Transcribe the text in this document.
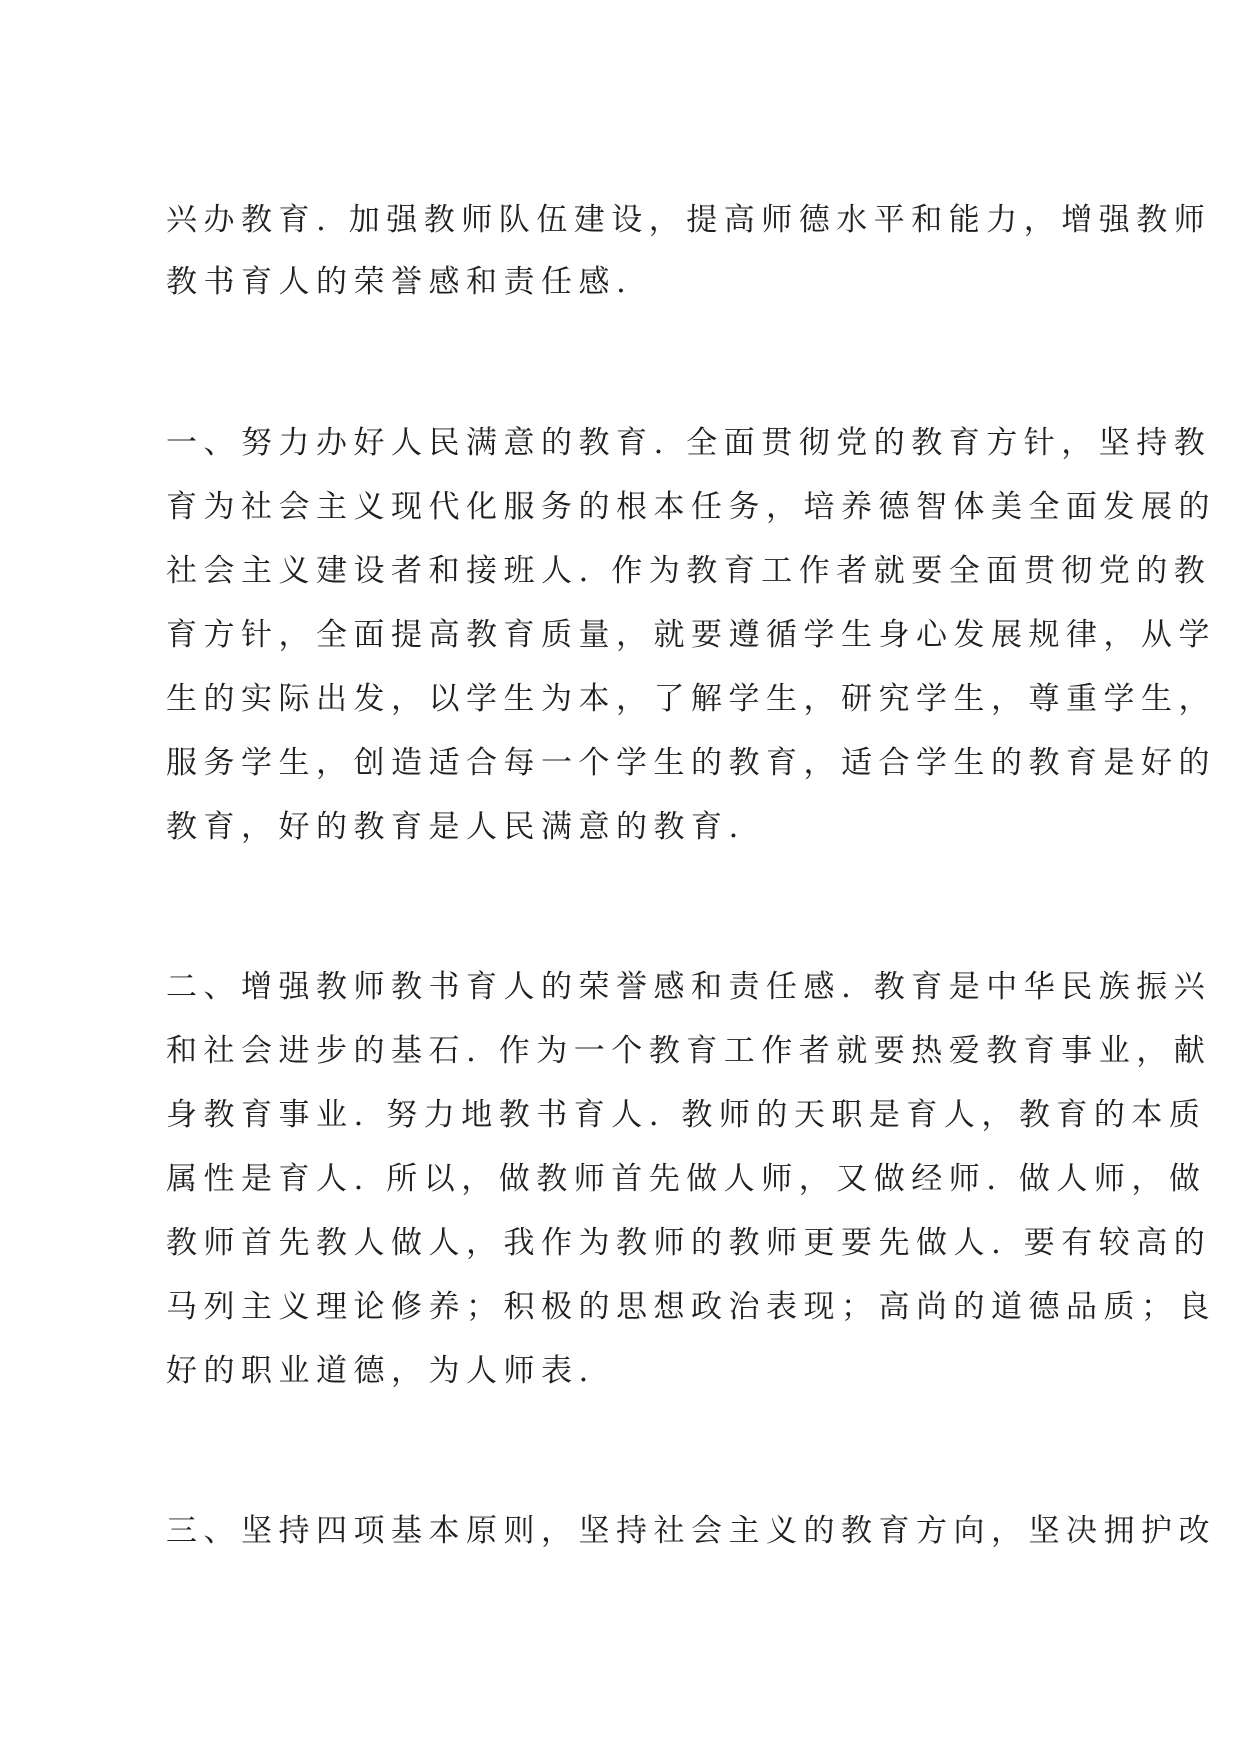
兴办教育. 加强教师队伍建设，提高师德水平和能力，增强教师

教书育人的荣誉感和责任感.

一、努力办好人民满意的教育. 全面贯彻党的教育方针，坚持教

育为社会主义现代化服务的根本任务，培养德智体美全面发展的

社会主义建设者和接班人. 作为教育工作者就要全面贯彻党的教

育方针，全面提高教育质量，就要遵循学生身心发展规律，从学

生的实际出发，以学生为本，了解学生，研究学生，尊重学生，

服务学生，创造适合每一个学生的教育，适合学生的教育是好的

教育，好的教育是人民满意的教育.

二、增强教师教书育人的荣誉感和责任感. 教育是中华民族振兴

和社会进步的基石. 作为一个教育工作者就要热爱教育事业，献

身教育事业. 努力地教书育人. 教师的天职是育人，教育的本质

属性是育人. 所以，做教师首先做人师，又做经师. 做人师，做

教师首先教人做人，我作为教师的教师更要先做人. 要有较高的

马列主义理论修养；积极的思想政治表现；高尚的道德品质；良

好的职业道德，为人师表.

三、坚持四项基本原则，坚持社会主义的教育方向，坚决拥护改
